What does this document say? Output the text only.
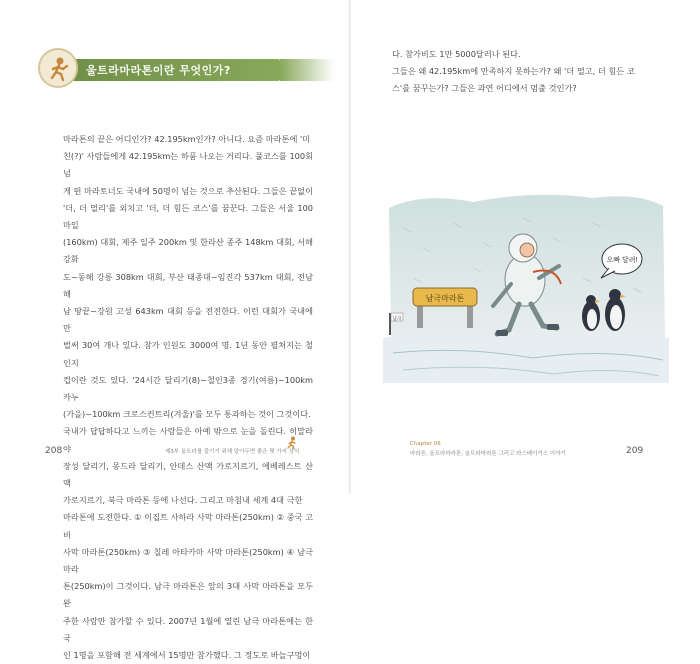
울트라마라톤이란 무엇인가?
마라톤의 끝은 어디인가? 42.195km인가? 아니다. 요즘 마라톤에 '미
친(?)' 사람들에게 42.195km는 하품 나오는 거리다. 풀코스를 100회 넘
게 뛴 마라토너도 국내에 50명이 넘는 것으로 추산된다. 그들은 끝없이
'더, 더 멀리'를 외치고 '더, 더 힘든 코스'를 꿈꾼다. 그들은 서울 100마일
(160km) 대회, 제주 일주 200km 및 한라산 종주 148km 대회, 서해 강화
도~동해 강릉 308km 대회, 부산 태종대~임진각 537km 대회, 전남 해
남 땅끝~강원 고성 643km 대회 등을 전전한다. 이런 대회가 국내에만
벌써 30여 개나 있다. 참가 인원도 3000여 명. 1년 동안 펼쳐지는 철인지
컵이란 것도 있다. '24시간 달리기(8)~철인3종 경기(여름)~100km 카누
(가을)~100km 크로스컨트리(겨울)'를 모두 통과하는 것이 그것이다.
국내가 답답하다고 느끼는 사람들은 아예 밖으로 눈을 돌린다. 히말라야
장성 달리기, 몽드라 달리기, 안데스 산맥 가로지르기, 에베레스트 산맥
가로지르기, 북극 마라톤 등에 나선다. 그리고 마침내 세계 4대 극한
마라톤에 도전한다. ① 이집트 사하라 사막 마라톤(250km) ② 중국 고비
사막 마라톤(250km) ③ 칠레 아타카마 사막 마라톤(250km) ④ 남극 마라
톤(250km)이 그것이다. 남극 마라톤은 앞의 3대 사막 마라톤을 모두 완
주한 사람만 참가할 수 있다. 2007년 1월에 열린 남극 마라톤에는 한국
인 1명을 포함해 전 세계에서 15명만 참가했다. 그 정도로 바늘구멍이
208	제3부 울트라를 즐기기 위해 알아두면 좋은 몇 가지 상식
다. 참가비도 1만 5000달러나 된다.
그들은 왜 42.195km에 만족하지 못하는가? 왜 '더 멀고, 더 힘든 코
스'를 꿈꾸는가? 그들은 과연 어디에서 멈출 것인가?
남극마라톤
남극
오빠 달려!
Chapter 06
마라톤, 울트라마라톤, 울트라마라톤 그리고 라스베이거스 이야기	209
